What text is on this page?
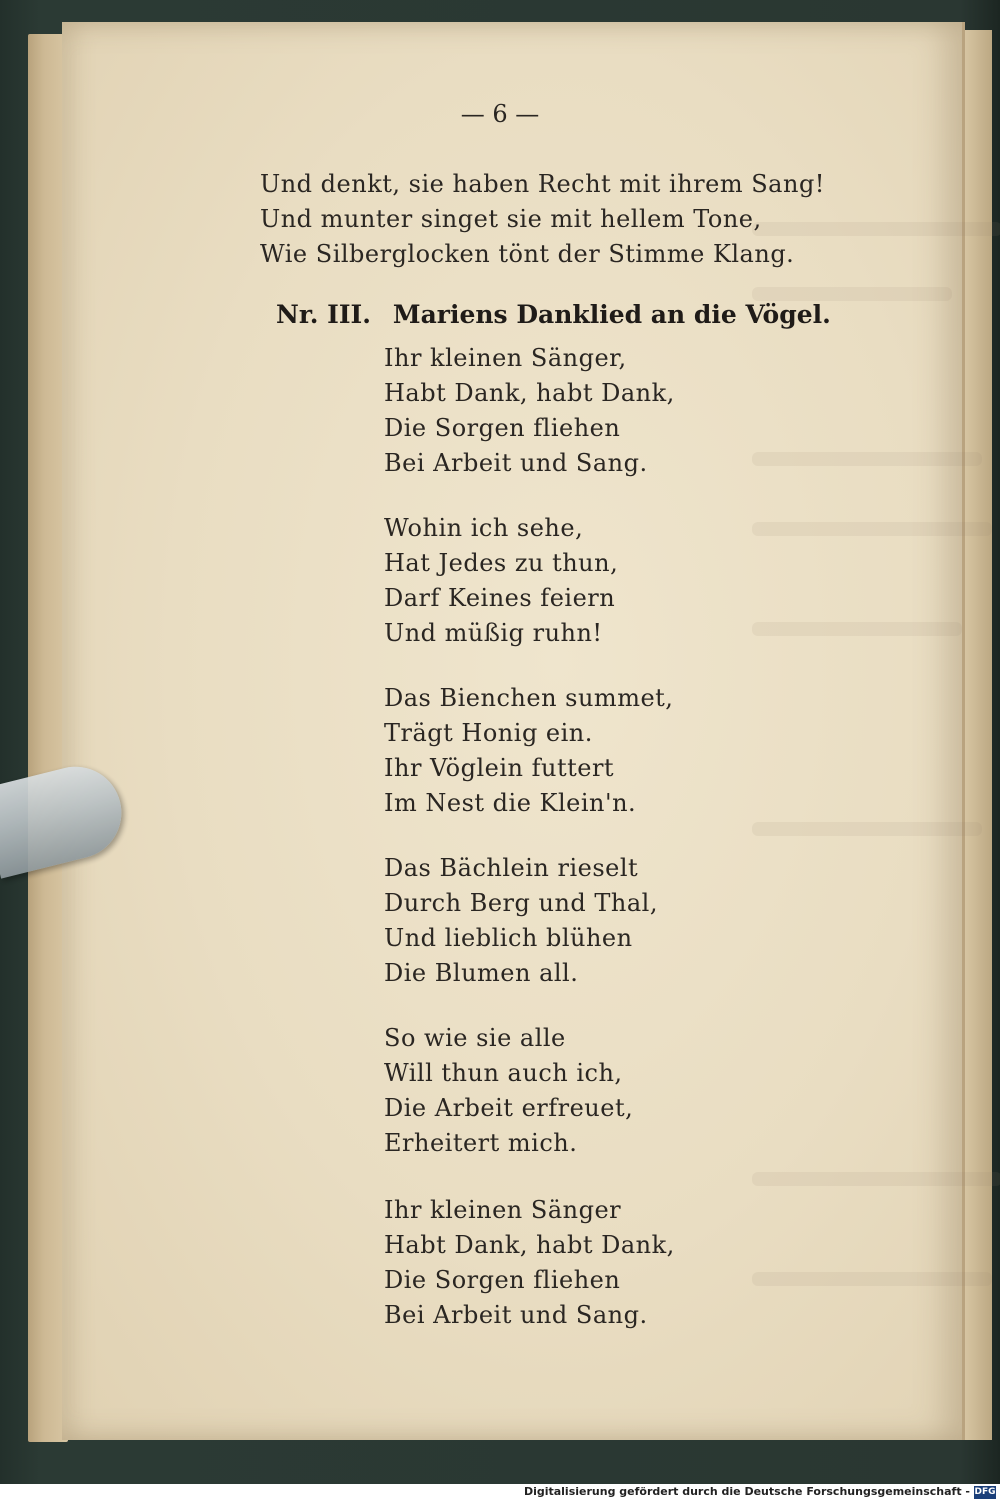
— 6 —
Und denkt, sie haben Recht mit ihrem Sang!
Und munter singet sie mit hellem Tone,
Wie Silberglocken tönt der Stimme Klang.
Nr. III. Mariens Danklied an die Vögel.
Ihr kleinen Sänger,
Habt Dank, habt Dank,
Die Sorgen fliehen
Bei Arbeit und Sang.
Wohin ich sehe,
Hat Jedes zu thun,
Darf Keines feiern
Und müßig ruhn!
Das Bienchen summet,
Trägt Honig ein.
Ihr Vöglein futtert
Im Nest die Klein'n.
Das Bächlein rieselt
Durch Berg und Thal,
Und lieblich blühen
Die Blumen all.
So wie sie alle
Will thun auch ich,
Die Arbeit erfreuet,
Erheitert mich.
Ihr kleinen Sänger
Habt Dank, habt Dank,
Die Sorgen fliehen
Bei Arbeit und Sang.
Digitalisierung gefördert durch die Deutsche Forschungsgemeinschaft - DFG
